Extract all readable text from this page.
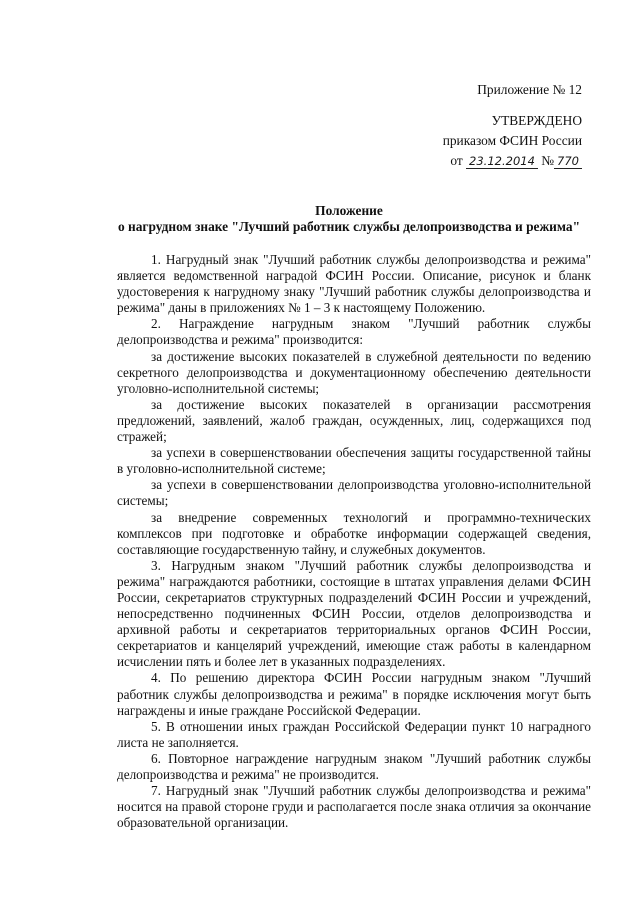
Приложение № 12
УТВЕРЖДЕНО
приказом ФСИН России
от 23.12.2014 № 770
Положение
о нагрудном знаке "Лучший работник службы делопроизводства и режима"

1. Нагрудный знак "Лучший работник службы делопроизводства и режима" является ведомственной наградой ФСИН России. Описание, рисунок и бланк удостоверения к нагрудному знаку "Лучший работник службы делопроизводства и режима" даны в приложениях № 1 – 3 к настоящему Положению.

2. Награждение нагрудным знаком "Лучший работник службы делопроизводства и режима" производится:

за достижение высоких показателей в служебной деятельности по ведению секретного делопроизводства и документационному обеспечению деятельности уголовно-исполнительной системы;

за достижение высоких показателей в организации рассмотрения предложений, заявлений, жалоб граждан, осужденных, лиц, содержащихся под стражей;

за успехи в совершенствовании обеспечения защиты государственной тайны в уголовно-исполнительной системе;

за успехи в совершенствовании делопроизводства уголовно-исполнительной системы;

за внедрение современных технологий и программно-технических комплексов при подготовке и обработке информации содержащей сведения, составляющие государственную тайну, и служебных документов.

3. Нагрудным знаком "Лучший работник службы делопроизводства и режима" награждаются работники, состоящие в штатах управления делами ФСИН России, секретариатов структурных подразделений ФСИН России и учреждений, непосредственно подчиненных ФСИН России, отделов делопроизводства и архивной работы и секретариатов территориальных органов ФСИН России, секретариатов и канцелярий учреждений, имеющие стаж работы в календарном исчислении пять и более лет в указанных подразделениях.

4. По решению директора ФСИН России нагрудным знаком "Лучший работник службы делопроизводства и режима" в порядке исключения могут быть награждены и иные граждане Российской Федерации.

5. В отношении иных граждан Российской Федерации пункт 10 наградного листа не заполняется.

6. Повторное награждение нагрудным знаком "Лучший работник службы делопроизводства и режима" не производится.

7. Нагрудный знак "Лучший работник службы делопроизводства и режима" носится на правой стороне груди и располагается после знака отличия за окончание образовательной организации.
